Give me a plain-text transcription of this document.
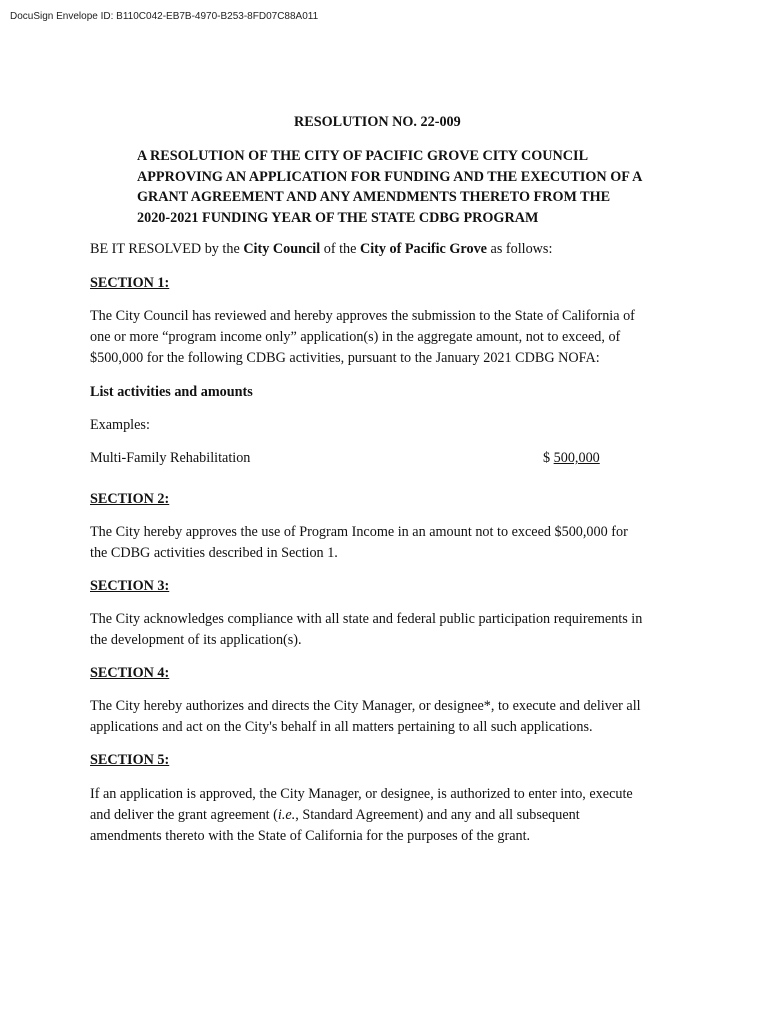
DocuSign Envelope ID: B110C042-EB7B-4970-B253-8FD07C88A011
RESOLUTION NO. 22-009
A RESOLUTION OF THE CITY OF PACIFIC GROVE CITY COUNCIL
APPROVING AN APPLICATION FOR FUNDING AND THE EXECUTION OF A
GRANT AGREEMENT AND ANY AMENDMENTS THERETO FROM THE
2020-2021 FUNDING YEAR OF THE STATE CDBG PROGRAM

BE IT RESOLVED by the City Council of the City of Pacific Grove as follows:

SECTION 1:
The City Council has reviewed and hereby approves the submission to the State of California of
one or more “program income only” application(s) in the aggregate amount, not to exceed, of
$500,000 for the following CDBG activities, pursuant to the January 2021 CDBG NOFA:
List activities and amounts
Examples:
Multi-Family Rehabilitation	$ 500,000
SECTION 2:
The City hereby approves the use of Program Income in an amount not to exceed $500,000 for
the CDBG activities described in Section 1.
SECTION 3:
The City acknowledges compliance with all state and federal public participation requirements in
the development of its application(s).
SECTION 4:
The City hereby authorizes and directs the City Manager, or designee*, to execute and deliver all
applications and act on the City's behalf in all matters pertaining to all such applications.
SECTION 5:
If an application is approved, the City Manager, or designee, is authorized to enter into, execute
and deliver the grant agreement (i.e., Standard Agreement) and any and all subsequent
amendments thereto with the State of California for the purposes of the grant.
